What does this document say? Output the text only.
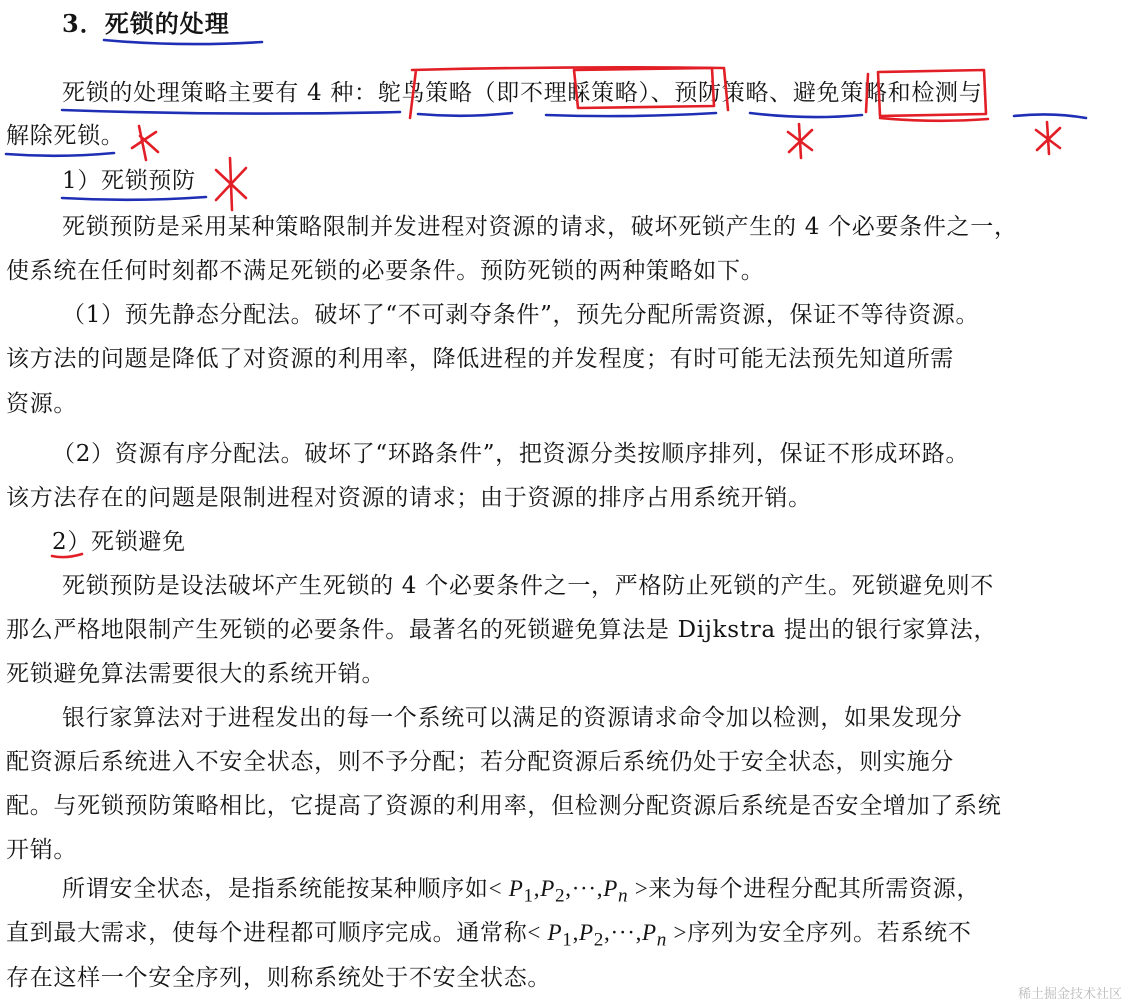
3．死锁的处理
死锁的处理策略主要有 4 种：鸵鸟策略（即不理睬策略）、预防策略、避免策略和检测与
解除死锁。
1）死锁预防
死锁预防是采用某种策略限制并发进程对资源的请求，破坏死锁产生的 4 个必要条件之一，
使系统在任何时刻都不满足死锁的必要条件。预防死锁的两种策略如下。
（1）预先静态分配法。破坏了“不可剥夺条件”，预先分配所需资源，保证不等待资源。
该方法的问题是降低了对资源的利用率，降低进程的并发程度；有时可能无法预先知道所需
资源。
（2）资源有序分配法。破坏了“环路条件”，把资源分类按顺序排列，保证不形成环路。
该方法存在的问题是限制进程对资源的请求；由于资源的排序占用系统开销。
2）死锁避免
死锁预防是设法破坏产生死锁的 4 个必要条件之一，严格防止死锁的产生。死锁避免则不
那么严格地限制产生死锁的必要条件。最著名的死锁避免算法是 Dijkstra 提出的银行家算法，
死锁避免算法需要很大的系统开销。
银行家算法对于进程发出的每一个系统可以满足的资源请求命令加以检测，如果发现分
配资源后系统进入不安全状态，则不予分配；若分配资源后系统仍处于安全状态，则实施分
配。与死锁预防策略相比，它提高了资源的利用率，但检测分配资源后系统是否安全增加了系统
开销。
所谓安全状态，是指系统能按某种顺序如< $P_1,P_2,\cdot\cdot\cdot,P_n$ >来为每个进程分配其所需资源，
直到最大需求，使每个进程都可顺序完成。通常称< $P_1,P_2,\cdot\cdot\cdot,P_n$ >序列为安全序列。若系统不
存在这样一个安全序列，则称系统处于不安全状态。
稀土掘金技术社区
